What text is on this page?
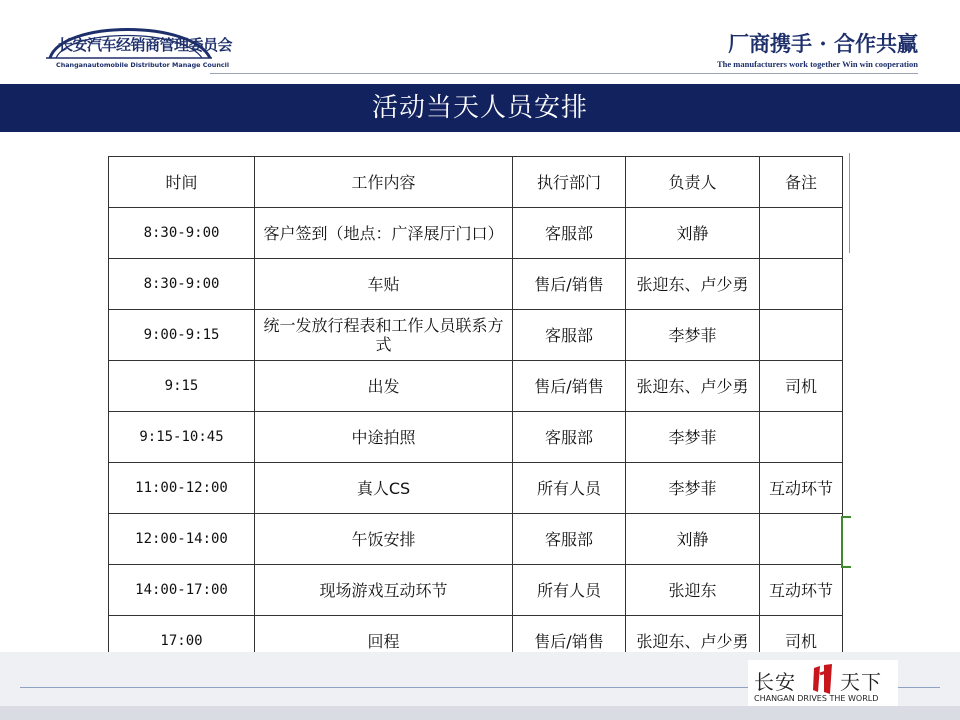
长安汽车经销商管理委员会
Changanautomobile Distributor Manage Council
厂商携手 · 合作共赢
The manufacturers work together Win win cooperation
活动当天人员安排
时间	工作内容	执行部门	负责人	备注
8:30-9:00	客户签到（地点：广泽展厅门口）	客服部	刘静	
8:30-9:00	车贴	售后/销售	张迎东、卢少勇	
9:00-9:15	统一发放行程表和工作人员联系方式	客服部	李梦菲	
9:15	出发	售后/销售	张迎东、卢少勇	司机
9:15-10:45	中途拍照	客服部	李梦菲	
11:00-12:00	真人CS	所有人员	李梦菲	互动环节
12:00-14:00	午饭安排	客服部	刘静	
14:00-17:00	现场游戏互动环节	所有人员	张迎东	互动环节
17:00	回程	售后/销售	张迎东、卢少勇	司机
长安 天下
CHANGAN DRIVES THE WORLD
